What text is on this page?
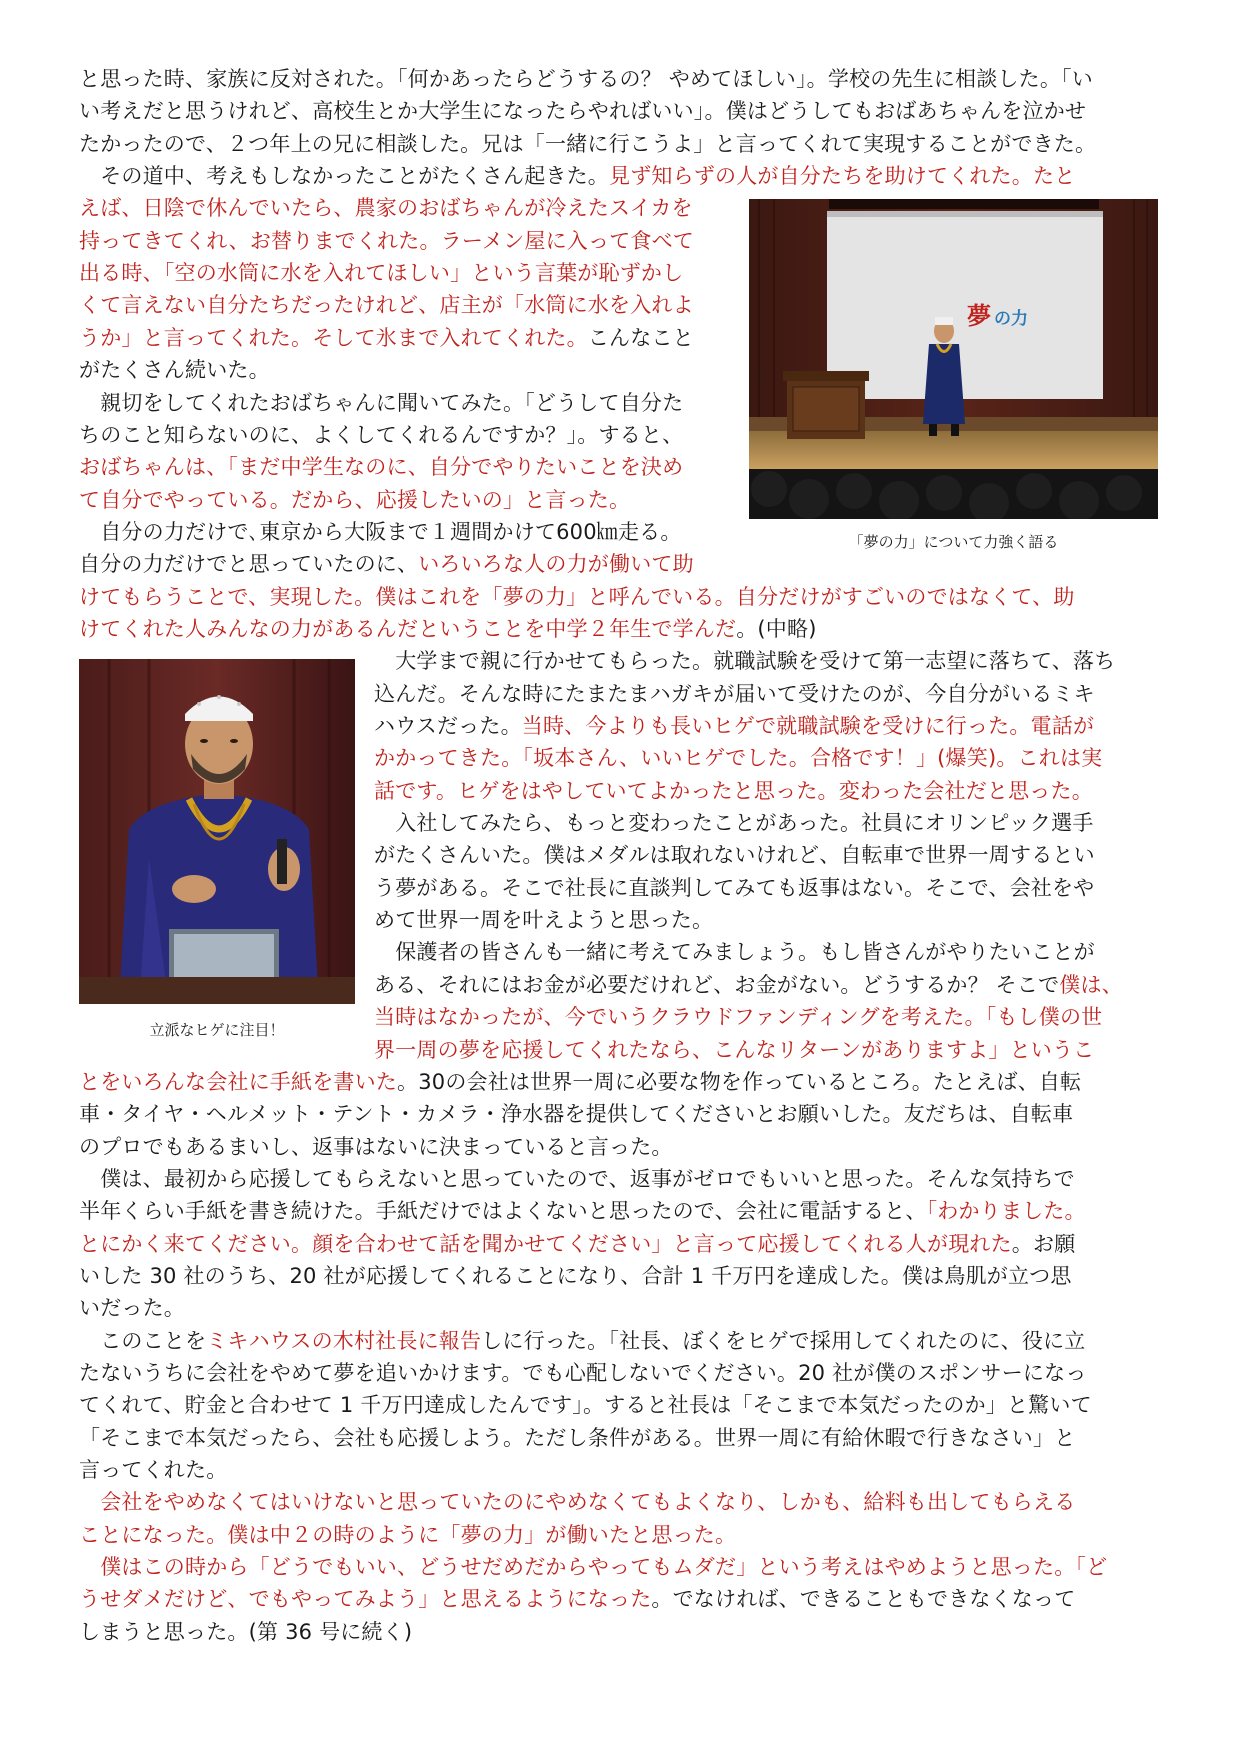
と思った時、家族に反対された。「何かあったらどうするの？ やめてほしい」。学校の先生に相談した。「い
い考えだと思うけれど、高校生とか大学生になったらやればいい」。僕はどうしてもおばあちゃんを泣かせ
たかったので、２つ年上の兄に相談した。兄は「一緒に行こうよ」と言ってくれて実現することができた。
　その道中、考えもしなかったことがたくさん起きた。見ず知らずの人が自分たちを助けてくれた。たと
えば、日陰で休んでいたら、農家のおばちゃんが冷えたスイカを
持ってきてくれ、お替りまでくれた。ラーメン屋に入って食べて
出る時、「空の水筒に水を入れてほしい」という言葉が恥ずかし
くて言えない自分たちだったけれど、店主が「水筒に水を入れよ
うか」と言ってくれた。そして氷まで入れてくれた。こんなこと
がたくさん続いた。
　親切をしてくれたおばちゃんに聞いてみた。「どうして自分た
ちのこと知らないのに、よくしてくれるんですか？」。すると、
おばちゃんは、「まだ中学生なのに、自分でやりたいことを決め
て自分でやっている。だから、応援したいの」と言った。
　自分の力だけで､東京から大阪まで１週間かけて600㎞走る。
自分の力だけでと思っていたのに、いろいろな人の力が働いて助
けてもらうことで、実現した。僕はこれを「夢の力」と呼んでいる。自分だけがすごいのではなくて、助
けてくれた人みんなの力があるんだということを中学２年生で学んだ。(中略)
　大学まで親に行かせてもらった。就職試験を受けて第一志望に落ちて、落ち
込んだ。そんな時にたまたまハガキが届いて受けたのが、今自分がいるミキ
ハウスだった。当時、今よりも長いヒゲで就職試験を受けに行った。電話が
かかってきた。「坂本さん、いいヒゲでした。合格です！」(爆笑)。これは実
話です。ヒゲをはやしていてよかったと思った。変わった会社だと思った。
　入社してみたら、もっと変わったことがあった。社員にオリンピック選手
がたくさんいた。僕はメダルは取れないけれど、自転車で世界一周するとい
う夢がある。そこで社長に直談判してみても返事はない。そこで、会社をや
めて世界一周を叶えようと思った。
　保護者の皆さんも一緒に考えてみましょう。もし皆さんがやりたいことが
ある、それにはお金が必要だけれど、お金がない。どうするか？ そこで僕は、
当時はなかったが、今でいうクラウドファンディングを考えた。「もし僕の世
界一周の夢を応援してくれたなら、こんなリターンがありますよ」というこ
とをいろんな会社に手紙を書いた。30の会社は世界一周に必要な物を作っているところ。たとえば、自転
車・タイヤ・ヘルメット・テント・カメラ・浄水器を提供してくださいとお願いした。友だちは、自転車
のプロでもあるまいし、返事はないに決まっていると言った。
　僕は、最初から応援してもらえないと思っていたので、返事がゼロでもいいと思った。そんな気持ちで
半年くらい手紙を書き続けた。手紙だけではよくないと思ったので、会社に電話すると、「わかりました。
とにかく来てください。顔を合わせて話を聞かせてください」と言って応援してくれる人が現れた。お願
いした 30 社のうち、20 社が応援してくれることになり、合計 1 千万円を達成した。僕は鳥肌が立つ思
いだった。
　このことをミキハウスの木村社長に報告しに行った。「社長、ぼくをヒゲで採用してくれたのに、役に立
たないうちに会社をやめて夢を追いかけます。でも心配しないでください。20 社が僕のスポンサーになっ
てくれて、貯金と合わせて 1 千万円達成したんです」。すると社長は「そこまで本気だったのか」と驚いて
「そこまで本気だったら、会社も応援しよう。ただし条件がある。世界一周に有給休暇で行きなさい」と
言ってくれた。
　会社をやめなくてはいけないと思っていたのにやめなくてもよくなり、しかも、給料も出してもらえる
ことになった。僕は中２の時のように「夢の力」が働いたと思った。
　僕はこの時から「どうでもいい、どうせだめだからやってもムダだ」という考えはやめようと思った。「ど
うせダメだけど、でもやってみよう」と思えるようになった。でなければ、できることもできなくなって
しまうと思った。(第 36 号に続く)
夢 の力
「夢の力」について力強く語る
立派なヒゲに注目！
